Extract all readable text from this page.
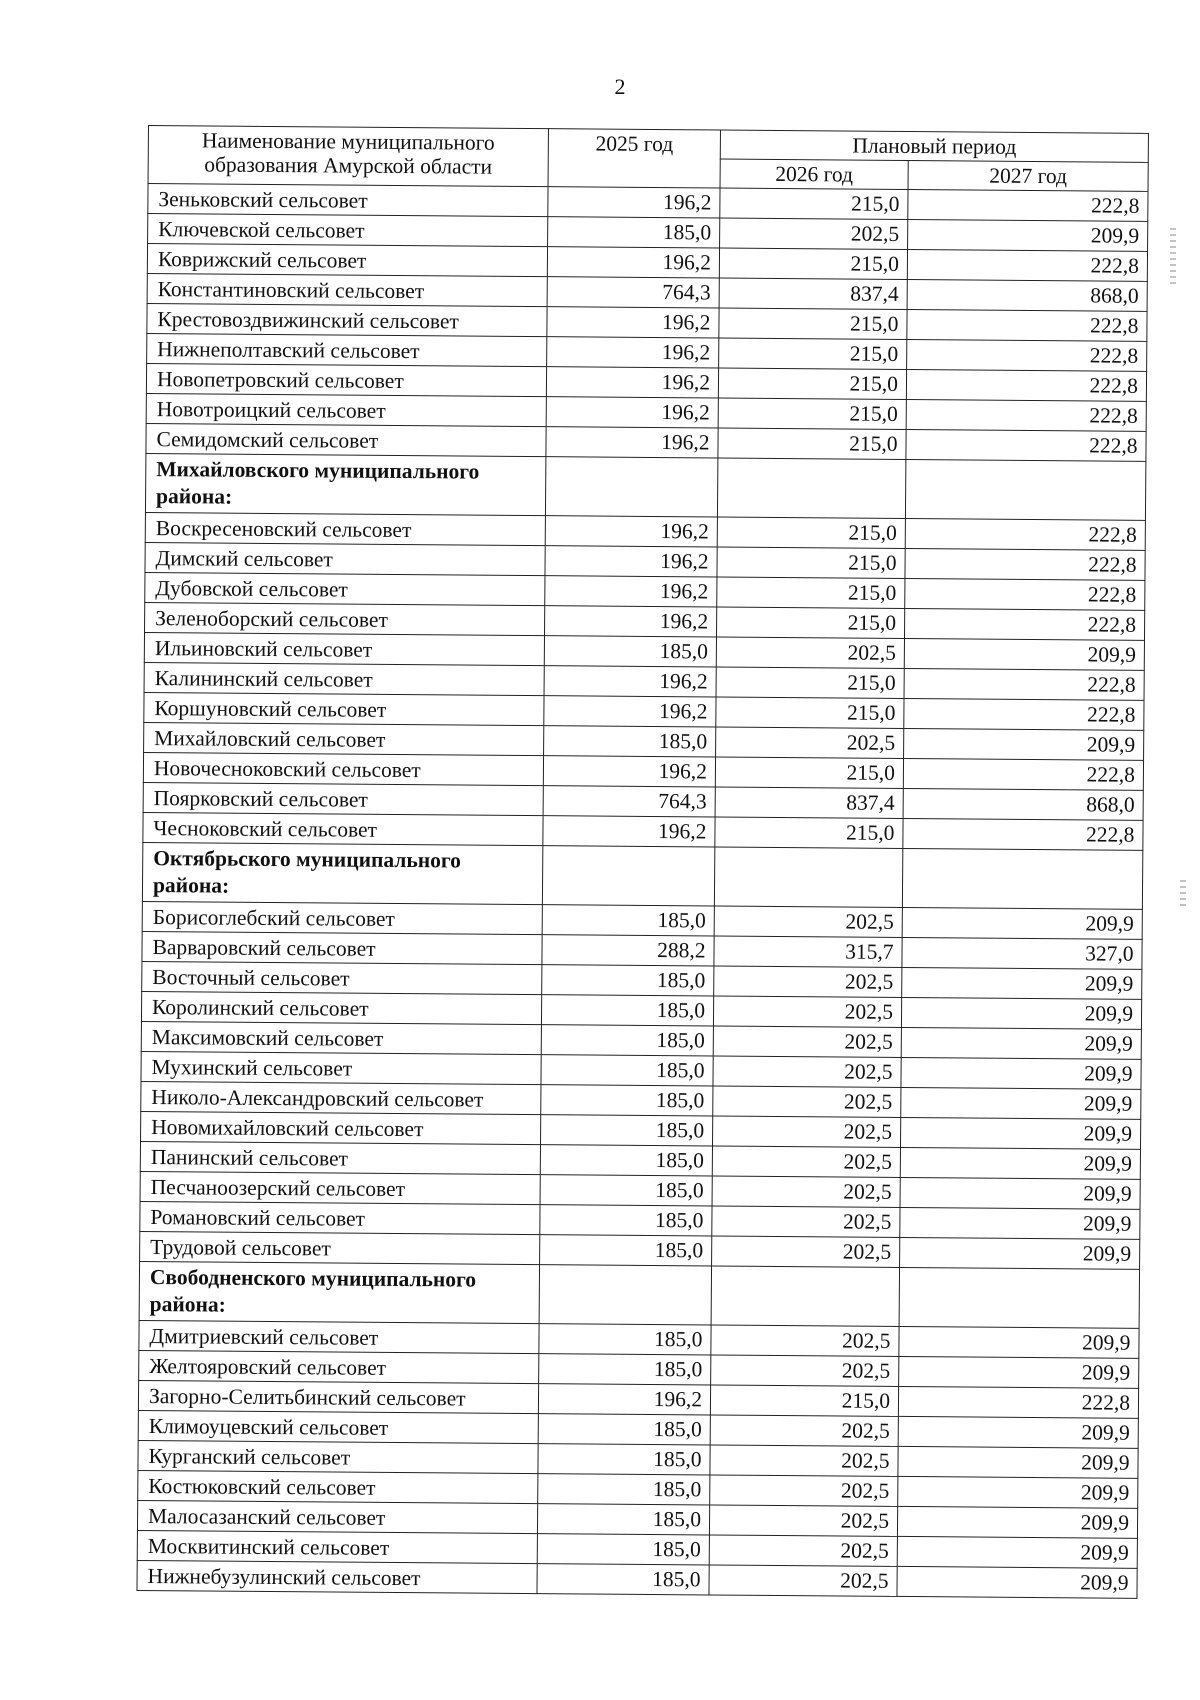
2
Наименование муниципального образования Амурской области	2025 год	Плановый период	
		2026 год	2027 год
Зеньковский сельсовет	196,2	215,0	222,8
Ключевской сельсовет	185,0	202,5	209,9
Коврижский сельсовет	196,2	215,0	222,8
Константиновский сельсовет	764,3	837,4	868,0
Крестовоздвижинский сельсовет	196,2	215,0	222,8
Нижнеполтавский сельсовет	196,2	215,0	222,8
Новопетровский сельсовет	196,2	215,0	222,8
Новотроицкий сельсовет	196,2	215,0	222,8
Семидомский сельсовет	196,2	215,0	222,8
Михайловского муниципального района:			
Воскресеновский сельсовет	196,2	215,0	222,8
Димский сельсовет	196,2	215,0	222,8
Дубовской сельсовет	196,2	215,0	222,8
Зеленоборский сельсовет	196,2	215,0	222,8
Ильиновский сельсовет	185,0	202,5	209,9
Калининский сельсовет	196,2	215,0	222,8
Коршуновский сельсовет	196,2	215,0	222,8
Михайловский сельсовет	185,0	202,5	209,9
Новочесноковский сельсовет	196,2	215,0	222,8
Поярковский сельсовет	764,3	837,4	868,0
Чесноковский сельсовет	196,2	215,0	222,8
Октябрьского муниципального района:			
Борисоглебский сельсовет	185,0	202,5	209,9
Варваровский сельсовет	288,2	315,7	327,0
Восточный сельсовет	185,0	202,5	209,9
Королинский сельсовет	185,0	202,5	209,9
Максимовский сельсовет	185,0	202,5	209,9
Мухинский сельсовет	185,0	202,5	209,9
Николо-Александровский сельсовет	185,0	202,5	209,9
Новомихайловский сельсовет	185,0	202,5	209,9
Панинский сельсовет	185,0	202,5	209,9
Песчаноозерский сельсовет	185,0	202,5	209,9
Романовский сельсовет	185,0	202,5	209,9
Трудовой сельсовет	185,0	202,5	209,9
Свободненского муниципального района:			
Дмитриевский сельсовет	185,0	202,5	209,9
Желтояровский сельсовет	185,0	202,5	209,9
Загорно-Селитьбинский сельсовет	196,2	215,0	222,8
Климоуцевский сельсовет	185,0	202,5	209,9
Курганский сельсовет	185,0	202,5	209,9
Костюковский сельсовет	185,0	202,5	209,9
Малосазанский сельсовет	185,0	202,5	209,9
Москвитинский сельсовет	185,0	202,5	209,9
Нижнебузулинский сельсовет	185,0	202,5	209,9
